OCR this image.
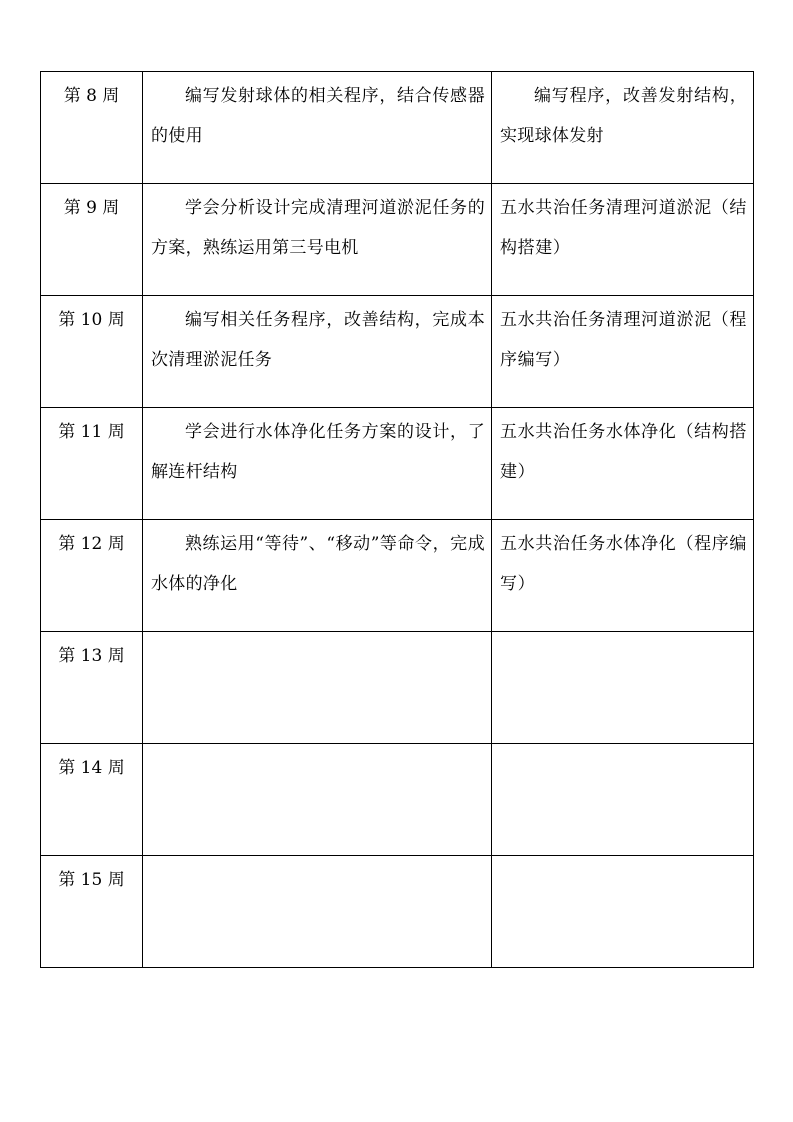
第 8 周	编写发射球体的相关程序，结合传感器的使用	编写程序，改善发射结构，实现球体发射
第 9 周	学会分析设计完成清理河道淤泥任务的方案，熟练运用第三号电机	五水共治任务清理河道淤泥（结构搭建）
第 10 周	编写相关任务程序，改善结构，完成本次清理淤泥任务	五水共治任务清理河道淤泥（程序编写）
第 11 周	学会进行水体净化任务方案的设计，了解连杆结构	五水共治任务水体净化（结构搭建）
第 12 周	熟练运用“等待”、“移动”等命令，完成水体的净化	五水共治任务水体净化（程序编写）
第 13 周		
第 14 周		
第 15 周		
